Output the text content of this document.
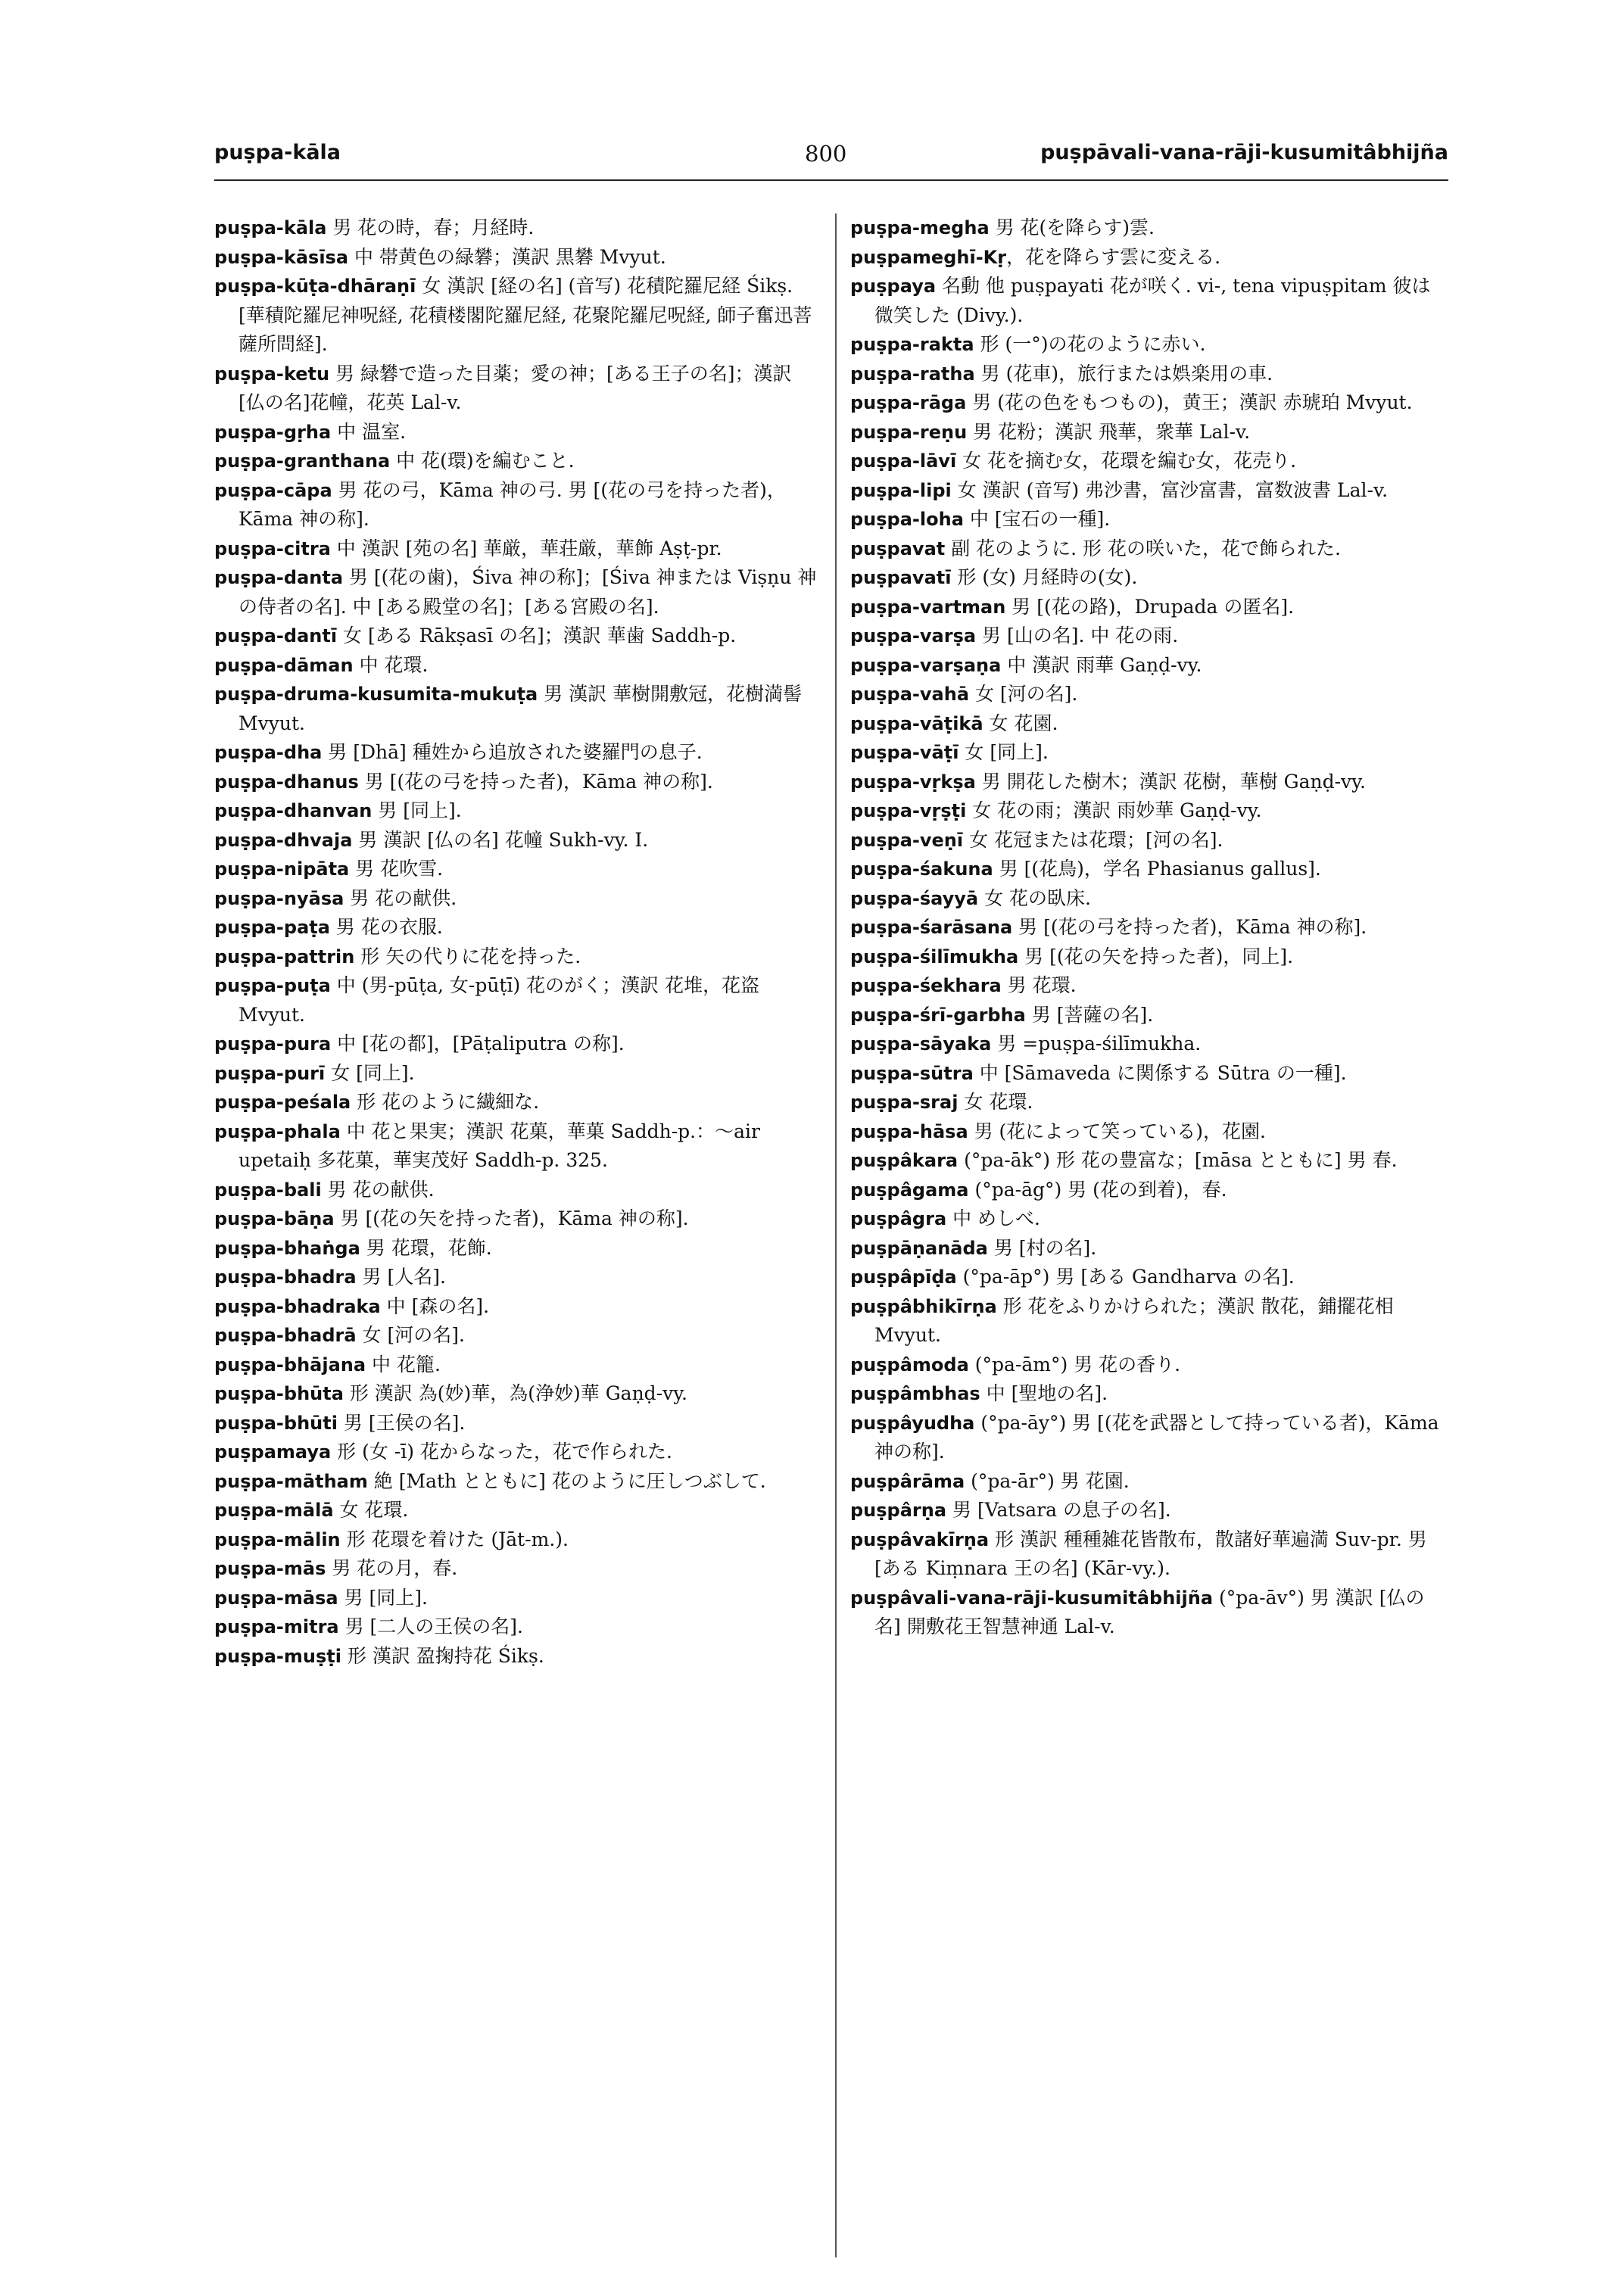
puṣpa-kāla	800	puṣpāvali-vana-rāji-kusumitâbhijña

puṣpa-kāla 男 花の時，春；月経時.

puṣpa-kāsīsa 中 帯黄色の緑礬；漢訳 黒礬 Mvyut.

puṣpa-kūṭa-dhāraṇī 女 漢訳 [経の名] (音写) 花積陀羅尼経 Śikṣ. [華積陀羅尼神呪経, 花積楼閣陀羅尼経, 花聚陀羅尼呪経, 師子奮迅菩薩所問経].

puṣpa-ketu 男 緑礬で造った目薬；愛の神；[ある王子の名]；漢訳 [仏の名]花幢，花英 Lal-v.

puṣpa-gṛha 中 温室.

puṣpa-granthana 中 花(環)を編むこと.

puṣpa-cāpa 男 花の弓，Kāma 神の弓. 男 [(花の弓を持った者)，Kāma 神の称].

puṣpa-citra 中 漢訳 [苑の名] 華厳，華荘厳，華飾 Aṣṭ-pr.

puṣpa-danta 男 [(花の歯)，Śiva 神の称]；[Śiva 神または Viṣṇu 神の侍者の名]. 中 [ある殿堂の名]；[ある宮殿の名].

puṣpa-dantī 女 [ある Rākṣasī の名]；漢訳 華歯 Saddh-p.

puṣpa-dāman 中 花環.

puṣpa-druma-kusumita-mukuṭa 男 漢訳 華樹開敷冠，花樹満髻 Mvyut.

puṣpa-dha 男 [Dhā] 種姓から追放された婆羅門の息子.

puṣpa-dhanus 男 [(花の弓を持った者)，Kāma 神の称].

puṣpa-dhanvan 男 [同上].

puṣpa-dhvaja 男 漢訳 [仏の名] 花幢 Sukh-vy. I.

puṣpa-nipāta 男 花吹雪.

puṣpa-nyāsa 男 花の献供.

puṣpa-paṭa 男 花の衣服.

puṣpa-pattrin 形 矢の代りに花を持った.

puṣpa-puṭa 中 (男-pūṭa, 女-pūṭī) 花のがく；漢訳 花堆，花盗 Mvyut.

puṣpa-pura 中 [花の都]，[Pāṭaliputra の称].

puṣpa-purī 女 [同上].

puṣpa-peśala 形 花のように繊細な.

puṣpa-phala 中 花と果実；漢訳 花菓，華菓 Saddh-p.：～air upetaiḥ 多花菓，華実茂好 Saddh-p. 325.

puṣpa-bali 男 花の献供.

puṣpa-bāṇa 男 [(花の矢を持った者)，Kāma 神の称].

puṣpa-bhaṅga 男 花環，花飾.

puṣpa-bhadra 男 [人名].

puṣpa-bhadraka 中 [森の名].

puṣpa-bhadrā 女 [河の名].

puṣpa-bhājana 中 花籠.

puṣpa-bhūta 形 漢訳 為(妙)華，為(浄妙)華 Gaṇḍ-vy.

puṣpa-bhūti 男 [王侯の名].

puṣpamaya 形 (女 -ī) 花からなった，花で作られた.

puṣpa-mātham 絶 [Math とともに] 花のように圧しつぶして.

puṣpa-mālā 女 花環.

puṣpa-mālin 形 花環を着けた (Jāt-m.).

puṣpa-mās 男 花の月，春.

puṣpa-māsa 男 [同上].

puṣpa-mitra 男 [二人の王侯の名].

puṣpa-muṣṭi 形 漢訳 盈掬持花 Śikṣ.

puṣpa-megha 男 花(を降らす)雲.

puṣpameghī-Kṛ，花を降らす雲に変える.

puṣpaya 名動 他 puṣpayati 花が咲く. vi-, tena vipuṣpitam 彼は微笑した (Divy.).

puṣpa-rakta 形 (一°)の花のように赤い.

puṣpa-ratha 男 (花車)，旅行または娯楽用の車.

puṣpa-rāga 男 (花の色をもつもの)，黄王；漢訳 赤琥珀 Mvyut.

puṣpa-reṇu 男 花粉；漢訳 飛華，衆華 Lal-v.

puṣpa-lāvī 女 花を摘む女，花環を編む女，花売り.

puṣpa-lipi 女 漢訳 (音写) 弗沙書，富沙富書，富数波書 Lal-v.

puṣpa-loha 中 [宝石の一種].

puṣpavat 副 花のように. 形 花の咲いた，花で飾られた.

puṣpavatī 形 (女) 月経時の(女).

puṣpa-vartman 男 [(花の路)，Drupada の匿名].

puṣpa-varṣa 男 [山の名]. 中 花の雨.

puṣpa-varṣaṇa 中 漢訳 雨華 Gaṇḍ-vy.

puṣpa-vahā 女 [河の名].

puṣpa-vāṭikā 女 花園.

puṣpa-vāṭī 女 [同上].

puṣpa-vṛkṣa 男 開花した樹木；漢訳 花樹，華樹 Gaṇḍ-vy.

puṣpa-vṛṣṭi 女 花の雨；漢訳 雨妙華 Gaṇḍ-vy.

puṣpa-veṇī 女 花冠または花環；[河の名].

puṣpa-śakuna 男 [(花鳥)，学名 Phasianus gallus].

puṣpa-śayyā 女 花の臥床.

puṣpa-śarāsana 男 [(花の弓を持った者)，Kāma 神の称].

puṣpa-śilīmukha 男 [(花の矢を持った者)，同上].

puṣpa-śekhara 男 花環.

puṣpa-śrī-garbha 男 [菩薩の名].

puṣpa-sāyaka 男 =puṣpa-śilīmukha.

puṣpa-sūtra 中 [Sāmaveda に関係する Sūtra の一種].

puṣpa-sraj 女 花環.

puṣpa-hāsa 男 (花によって笑っている)，花園.

puṣpâkara (°pa-āk°) 形 花の豊富な；[māsa とともに] 男 春.

puṣpâgama (°pa-āg°) 男 (花の到着)，春.

puṣpâgra 中 めしべ.

puṣpāṇanāda 男 [村の名].

puṣpâpīḍa (°pa-āp°) 男 [ある Gandharva の名].

puṣpâbhikīrṇa 形 花をふりかけられた；漢訳 散花，鋪擺花相 Mvyut.

puṣpâmoda (°pa-ām°) 男 花の香り.

puṣpâmbhas 中 [聖地の名].

puṣpâyudha (°pa-āy°) 男 [(花を武器として持っている者)，Kāma 神の称].

puṣpârāma (°pa-ār°) 男 花園.

puṣpârṇa 男 [Vatsara の息子の名].

puṣpâvakīrṇa 形 漢訳 種種雑花皆散布，散諸好華遍満 Suv-pr. 男 [ある Kiṃnara 王の名] (Kār-vy.).

puṣpâvali-vana-rāji-kusumitâbhijña (°pa-āv°) 男 漢訳 [仏の名] 開敷花王智慧神通 Lal-v.
